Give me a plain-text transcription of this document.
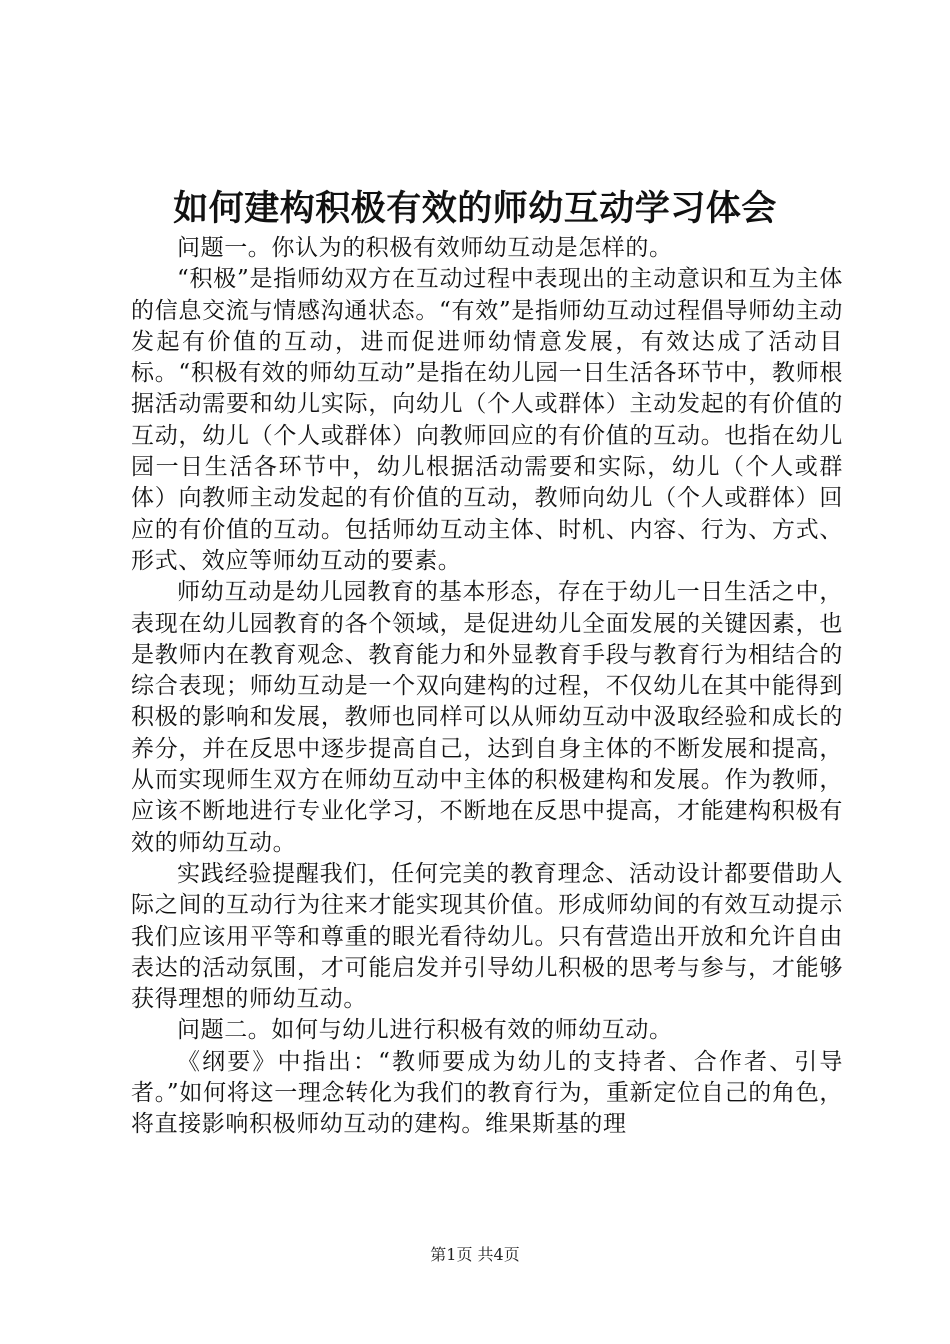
如何建构积极有效的师幼互动学习体会

问题一。你认为的积极有效师幼互动是怎样的。

“积极”是指师幼双方在互动过程中表现出的主动意识和互为主体的信息交流与情感沟通状态。“有效”是指师幼互动过程倡导师幼主动发起有价值的互动，进而促进师幼情意发展，有效达成了活动目标。“积极有效的师幼互动”是指在幼儿园一日生活各环节中，教师根据活动需要和幼儿实际，向幼儿（个人或群体）主动发起的有价值的互动，幼儿（个人或群体）向教师回应的有价值的互动。也指在幼儿园一日生活各环节中，幼儿根据活动需要和实际，幼儿（个人或群体）向教师主动发起的有价值的互动，教师向幼儿（个人或群体）回应的有价值的互动。包括师幼互动主体、时机、内容、行为、方式、形式、效应等师幼互动的要素。

师幼互动是幼儿园教育的基本形态，存在于幼儿一日生活之中，表现在幼儿园教育的各个领域，是促进幼儿全面发展的关键因素，也是教师内在教育观念、教育能力和外显教育手段与教育行为相结合的综合表现；师幼互动是一个双向建构的过程，不仅幼儿在其中能得到积极的影响和发展，教师也同样可以从师幼互动中汲取经验和成长的养分，并在反思中逐步提高自己，达到自身主体的不断发展和提高，从而实现师生双方在师幼互动中主体的积极建构和发展。作为教师，应该不断地进行专业化学习，不断地在反思中提高，才能建构积极有效的师幼互动。

实践经验提醒我们，任何完美的教育理念、活动设计都要借助人际之间的互动行为往来才能实现其价值。形成师幼间的有效互动提示我们应该用平等和尊重的眼光看待幼儿。只有营造出开放和允许自由表达的活动氛围，才可能启发并引导幼儿积极的思考与参与，才能够获得理想的师幼互动。

问题二。如何与幼儿进行积极有效的师幼互动。

《纲要》中指出：“教师要成为幼儿的支持者、合作者、引导者。”如何将这一理念转化为我们的教育行为，重新定位自己的角色，将直接影响积极师幼互动的建构。维果斯基的理

第1页 共4页
